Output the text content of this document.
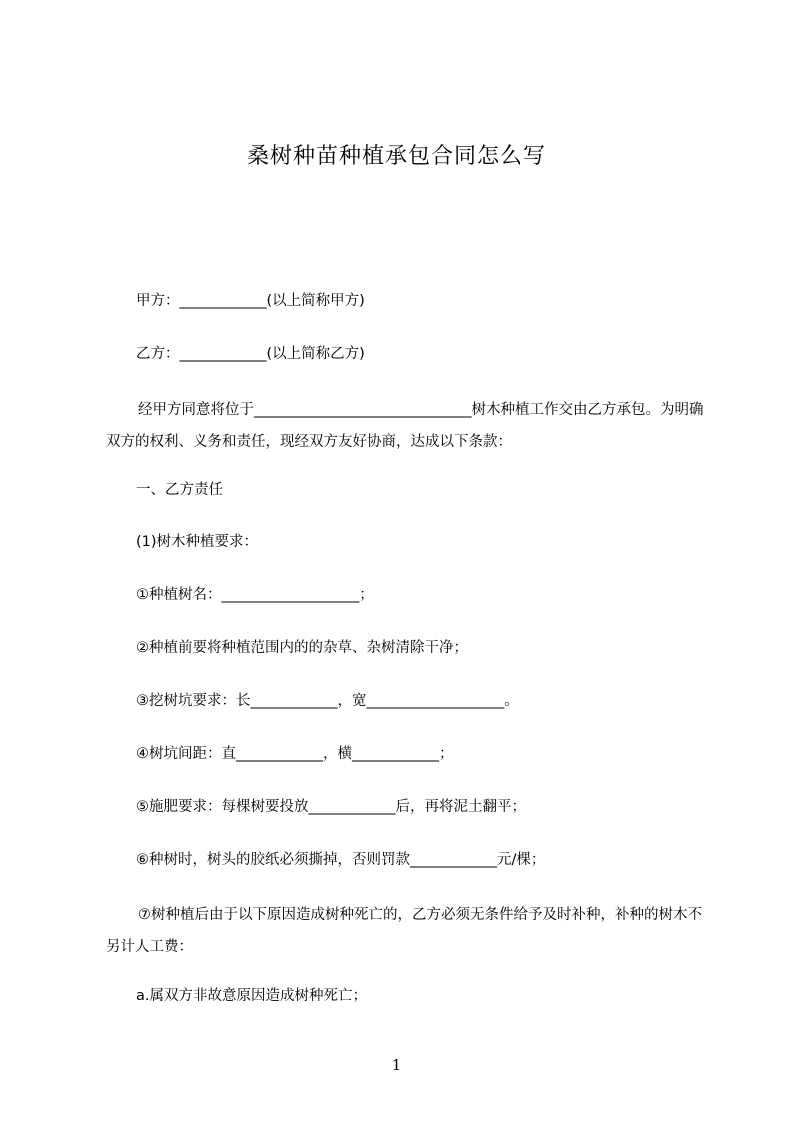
桑树种苗种植承包合同怎么写
甲方：____________(以上简称甲方)
乙方：____________(以上简称乙方)
经甲方同意将位于______________________________树木种植工作交由乙方承包。为明确双方的权利、义务和责任，现经双方友好协商，达成以下条款：
一、乙方责任
(1)树木种植要求：
①种植树名：___________________；
②种植前要将种植范围内的的杂草、杂树清除干净；
③挖树坑要求：长____________，宽___________________。
④树坑间距：直____________，横____________；
⑤施肥要求：每棵树要投放____________后，再将泥土翻平；
⑥种树时，树头的胶纸必须撕掉，否则罚款____________元/棵；
⑦树种植后由于以下原因造成树种死亡的，乙方必须无条件给予及时补种，补种的树木不另计人工费：
a.属双方非故意原因造成树种死亡；
1
